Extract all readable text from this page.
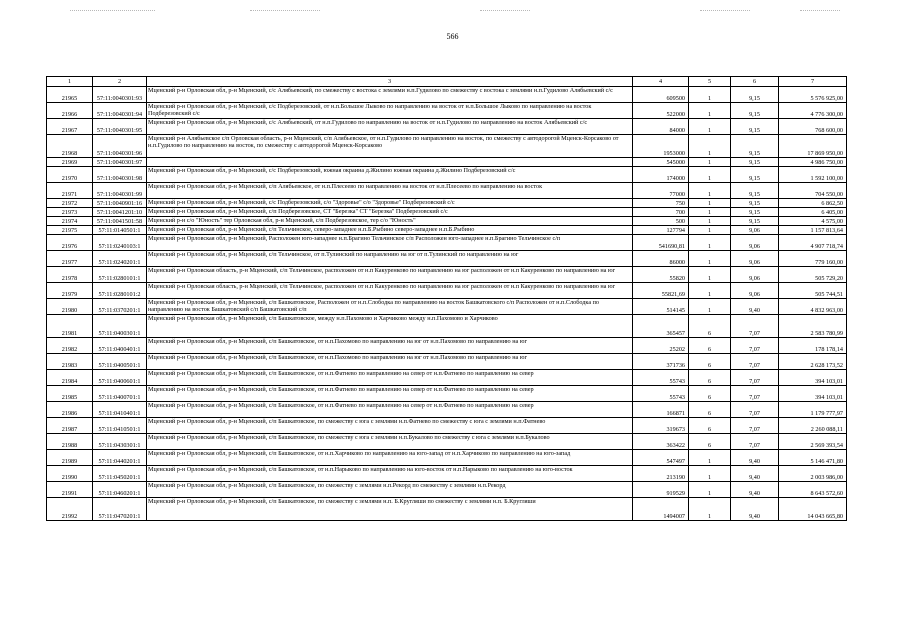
566
1	2	3	4	5	6	7
21965	57:11:0040301:93	Мценский р-н Орловская обл, р-н Мценский, с/с Алябьевский, по смежеству с востока с землями н.п.Гудилово по смежеству с востока с землями н.п.Гудилово Алябьевский с/с	609500	1	9,15	5 576 925,00
21966	57:11:0040301:94	Мценский р-н Орловская обл, р-н Мценский, с/с Подберезовский, от н.п.Большое Лыково по направлению на восток от н.п.Большое Лыково по направлению на восток Подберезовский с/с	522000	1	9,15	4 776 300,00
21967	57:11:0040301:95	Мценский р-н Орловская обл, р-н Мценский, с/с Алябьевский, от н.п.Гудилово по направлению на восток от н.п.Гудилово по направлению на восток Алябьевский с/с	84000	1	9,15	768 600,00
21968	57:11:0040301:96	Мценский р-н Алябьевское с/п Орловская область, р-н Мценский, с/п Алябьевское, от н.п.Гудилово по направлению на восток, по смежеству с автодорогой Мценск-Корсаково от н.п.Гудилово по направлению на восток, по смежеству с автодорогой Мценск-Корсаково	1953000	1	9,15	17 869 950,00
21969	57:11:0040301:97		545000	1	9,15	4 986 750,00
21970	57:11:0040301:98	Мценский р-н Орловская обл, р-н Мценский, с/с Подберезовский, южная окраина д.Жилино южная окраина д.Жилино Подберезовский с/с	174000	1	9,15	1 592 100,00
21971	57:11:0040301:99	Мценский р-н Орловская обл, р-н Мценский, с/п Алябьевское, от н.п.Плесеево по направлению на восток от н.п.Плесеево по направлению на восток	77000	1	9,15	704 550,00
21972	57:11:0040901:16	Мценский р-н Орловская обл, р-н Мценский, с/с Подберезовский, с/о "Здоровье" с/о "Здоровье" Подберезовский с/с	750	1	9,15	6 862,50
21973	57:11:0041201:10	Мценский р-н Орловская обл, р-н Мценский, с/п Подберезовское, СТ "Березка" СТ "Березка" Подберезовский с/с	700	1	9,15	6 405,00
21974	57:11:0041501:58	Мценский р-н с/о "Юность" тер Орловская обл, р-н Мценский, с/п Подберезовское, тер с/о "Юность"	500	1	9,15	4 575,00
21975	57:11:0140501:1	Мценский р-н Орловская обл, р-н Мценский, с/п Тельчинское, северо-западнее н.п.Б.Рыбино северо-западнее н.п.Б.Рыбино	127794	1	9,06	1 157 813,64
21976	57:11:0240103:1	Мценский р-н Орловская обл, р-н Мценский, Расположен юго-западнее н.п.Брагино Тельчинское с/п Расположен юго-западнее н.п.Брагино Тельчинское с/п	541690,81	1	9,06	4 907 718,74
21977	57:11:0240201:1	Мценский р-н Орловская обл, р-н Мценский, с/п Тельчинское, от п.Тулинский по направлению на юг от п.Тулинский по направлению на юг	86000	1	9,06	779 160,00
21978	57:11:0280101:1	Мценский р-н Орловская область, р-н Мценский, с/п Тельчинское, расположен от н.п Какуренково по направлению на юг расположен от н.п Какуренково по направлению на юг	55820	1	9,06	505 729,20
21979	57:11:0280101:2	Мценский р-н Орловская область, р-н Мценский, с/п Тельчинское, расположен от н.п Какуренково по направлению на юг расположен от н.п Какуренково по направлению на юг	55821,69	1	9,06	505 744,51
21980	57:11:0370201:1	Мценский р-н Орловская обл, р-н Мценский, с/п Башкатовское, Расположен от н.п.Слободка по направлению на восток Башкатовского с/п Расположен от н.п.Слободка по направлению на восток Башкатовский с/п Башкатовский с/п	514145	1	9,40	4 832 963,00
21981	57:11:0400301:1	Мценский р-н Орловская обл, р-н Мценский, с/п Башкатовское, между н.п.Пахомово и Харчиково между н.п.Пахомово и Харчиково	365457	6	7,07	2 583 780,99
21982	57:11:0400401:1	Мценский р-н Орловская обл, р-н Мценский, с/п Башкатовское, от н.п.Пахомово по направлению на юг от н.п.Пахомово по направлению на юг	25202	6	7,07	178 178,14
21983	57:11:0400501:1	Мценский р-н Орловская обл, р-н Мценский, с/п Башкатовское, от н.п.Пахомово по направлению на юг от н.п.Пахомово по направлению на юг	371736	6	7,07	2 628 173,52
21984	57:11:0400601:1	Мценский р-н Орловская обл, р-н Мценский, с/п Башкатовское, от н.п.Фатнево по направлению на север от н.п.Фатнево по направлению на север	55743	6	7,07	394 103,01
21985	57:11:0400701:1	Мценский р-н Орловская обл, р-н Мценский, с/п Башкатовское, от н.п.Фатнево по направлению на север от н.п.Фатнево по направлению на север	55743	6	7,07	394 103,01
21986	57:11:0410401:1	Мценский р-н Орловская обл, р-н Мценский, с/п Башкатовское, от н.п.Фатнево по направлению на север от н.п.Фатнево по направлению на север	166871	6	7,07	1 179 777,97
21987	57:11:0410501:1	Мценский р-н Орловская обл, р-н Мценский, с/п Башкатовское, по смежеству с юга с землями н.п.Фатнево по смежеству с юга с землями н.п.Фатнево	319673	6	7,07	2 260 088,11
21988	57:11:0430301:1	Мценский р-н Орловская обл, р-н Мценский, с/п Башкатовское, по смежеству с юга с землями н.п.Букалово по смежеству с юга с землями н.п.Букалово	363422	6	7,07	2 569 393,54
21989	57:11:0440201:1	Мценский р-н Орловская обл, р-н Мценский, с/п Башкатовское, от н.п.Харчиково по направлению на юго-запад от н.п.Харчиково по направлению на юго-запад	547497	1	9,40	5 146 471,80
21990	57:11:0450201:1	Мценский р-н Орловская обл, р-н Мценский, с/п Башкатовское, от н.п.Нарыково по направлению на юго-восток от н.п.Нарыково по направлению на юго-восток	213190	1	9,40	2 003 986,00
21991	57:11:0460201:1	Мценский р-н Орловская обл, р-н Мценский, с/п Башкатовское, по смежеству с землями н.п.Рекорд по смежеству с землями н.п.Рекорд	919529	1	9,40	8 643 572,60
21992	57:11:0470201:1	Мценский р-н Орловская обл, р-н Мценский, с/п Башкатовское, по смежеству с землями н.п. Б.Кругляши по смежеству с землями н.п. Б.Кругляши	1494007	1	9,40	14 043 665,80
